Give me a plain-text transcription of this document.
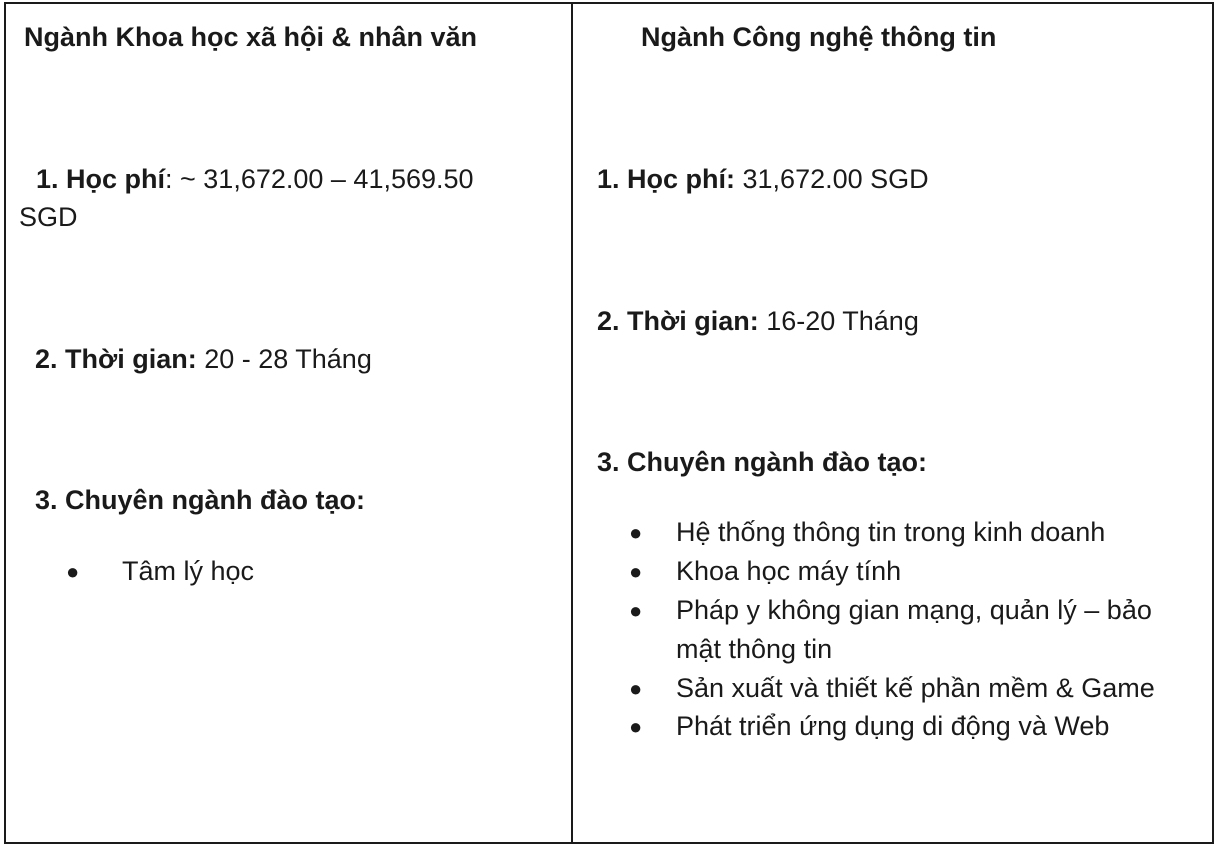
Ngành Khoa học xã hội & nhân văn
1. Học phí: ~ 31,672.00 – 41,569.50
SGD
2. Thời gian: 20 - 28 Tháng
3. Chuyên ngành đào tạo:
● Tâm lý học
Ngành Công nghệ thông tin
1. Học phí: 31,672.00 SGD
2. Thời gian: 16-20 Tháng
3. Chuyên ngành đào tạo:
● Hệ thống thông tin trong kinh doanh
● Khoa học máy tính
● Pháp y không gian mạng, quản lý – bảo
mật thông tin
● Sản xuất và thiết kế phần mềm & Game
● Phát triển ứng dụng di động và Web
